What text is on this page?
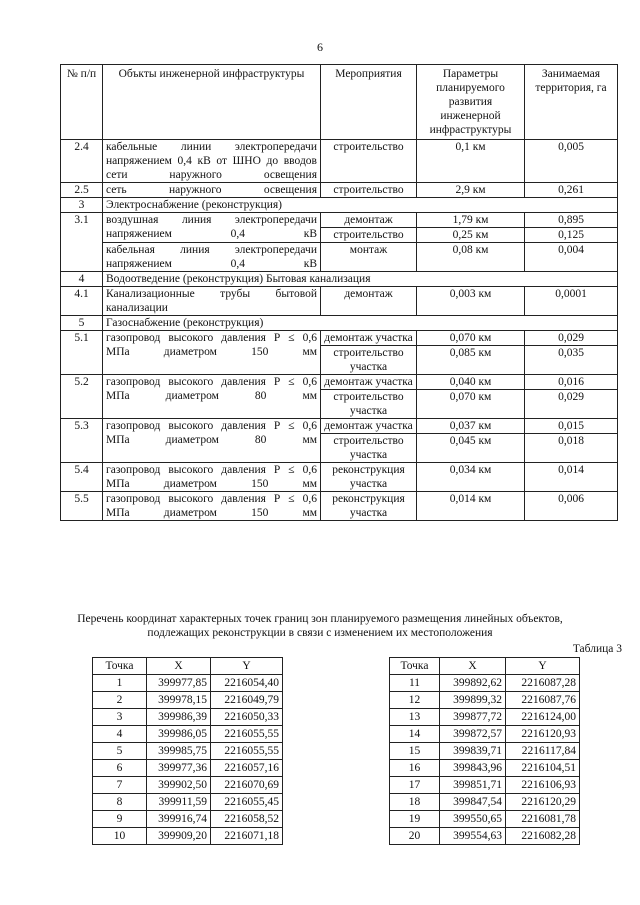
6
№ п/п	Объкты инженерной инфраструктуры	Мероприятия	Параметры планируемого развития инженерной инфраструктуры	Занимаемая территория, га
2.4	кабельные линии электропередачи напряжением 0,4 кВ от ШНО до вводов сети наружного освещения	строительство	0,1 км	0,005
2.5	сеть наружного освещения	строительство	2,9 км	0,261
3	Электроснабжение (реконструкция)			
3.1	воздушная линия электропередачи напряжением 0,4 кВ	демонтаж	1,79 км	0,895
		строительство	0,25 км	0,125
	кабельная линия электропередачи напряжением 0,4 кВ	монтаж	0,08 км	0,004
4	Водоотведение (реконструкция) Бытовая канализация			
4.1	Канализационные трубы бытовой канализации	демонтаж	0,003 км	0,0001
5	Газоснабжение (реконструкция)			
5.1	газопровод высокого давления Р ≤ 0,6 МПа диаметром 150 мм	демонтаж участка	0,070 км	0,029
		строительство участка	0,085 км	0,035
5.2	газопровод высокого давления Р ≤ 0,6 МПа диаметром 80 мм	демонтаж участка	0,040 км	0,016
		строительство участка	0,070 км	0,029
5.3	газопровод высокого давления Р ≤ 0,6 МПа диаметром 80 мм	демонтаж участка	0,037 км	0,015
		строительство участка	0,045 км	0,018
5.4	газопровод высокого давления Р ≤ 0,6 МПа диаметром 150 мм	реконструкция участка	0,034 км	0,014
5.5	газопровод высокого давления Р ≤ 0,6 МПа диаметром 150 мм	реконструкция участка	0,014 км	0,006
Перечень координат характерных точек границ зон планируемого размещения линейных объектов, подлежащих реконструкции в связи с изменением их местоположения
Таблица 3
Точка	X	Y
1	399977,85	2216054,40
2	399978,15	2216049,79
3	399986,39	2216050,33
4	399986,05	2216055,55
5	399985,75	2216055,55
6	399977,36	2216057,16
7	399902,50	2216070,69
8	399911,59	2216055,45
9	399916,74	2216058,52
10	399909,20	2216071,18
Точка	X	Y
11	399892,62	2216087,28
12	399899,32	2216087,76
13	399877,72	2216124,00
14	399872,57	2216120,93
15	399839,71	2216117,84
16	399843,96	2216104,51
17	399851,71	2216106,93
18	399847,54	2216120,29
19	399550,65	2216081,78
20	399554,63	2216082,28
